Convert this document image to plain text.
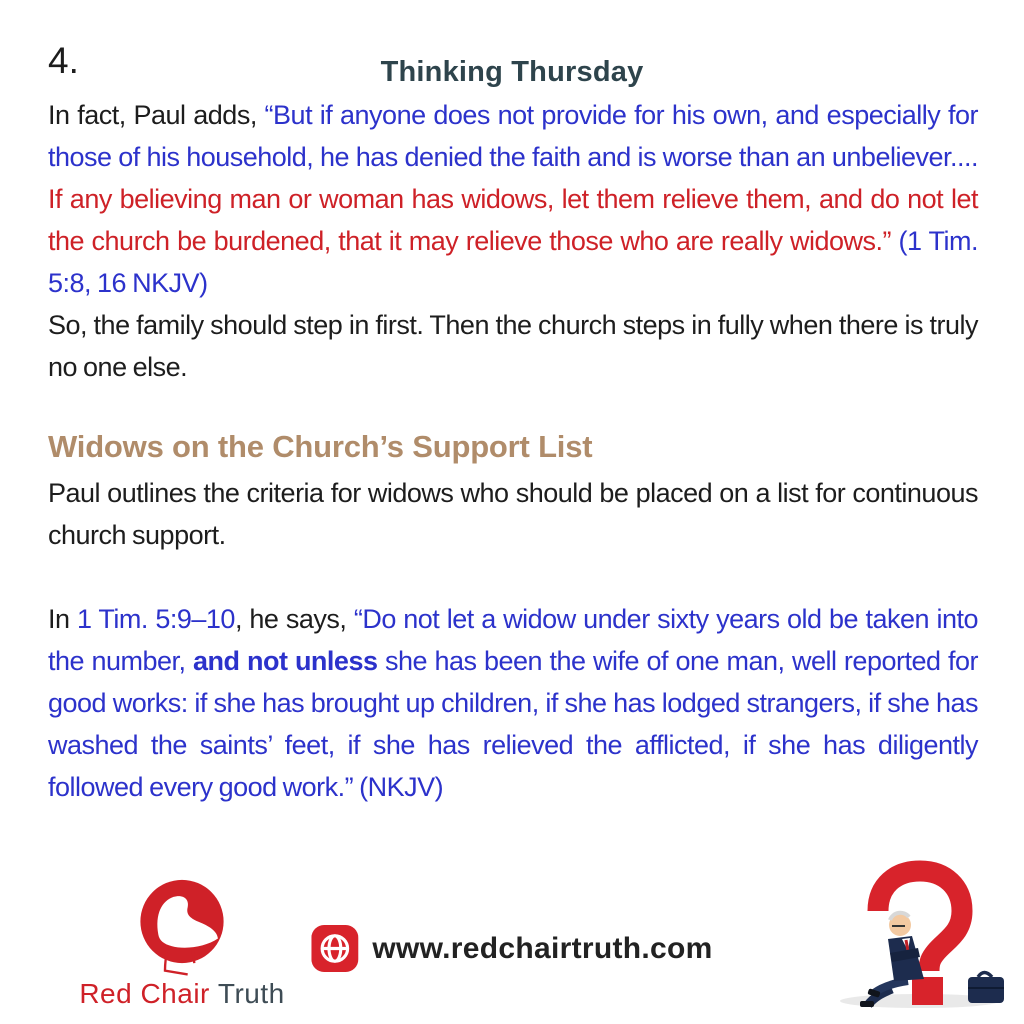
4.	Thinking Thursday

In fact, Paul adds, “But if anyone does not provide for his own, and especially for those of his household, he has denied the faith and is worse than an unbeliever.... If any believing man or woman has widows, let them relieve them, and do not let the church be burdened, that it may relieve those who are really widows.” (1 Tim. 5:8, 16 NKJV)

So, the family should step in first. Then the church steps in fully when there is truly no one else.

Widows on the Church’s Support List

Paul outlines the criteria for widows who should be placed on a list for continuous church support.

In 1 Tim. 5:9–10, he says, “Do not let a widow under sixty years old be taken into the number, and not unless she has been the wife of one man, well reported for good works: if she has brought up children, if she has lodged strangers, if she has washed the saints’ feet, if she has relieved the afflicted, if she has diligently followed every good work.” (NKJV)

Red Chair Truth
www.redchairtruth.com
